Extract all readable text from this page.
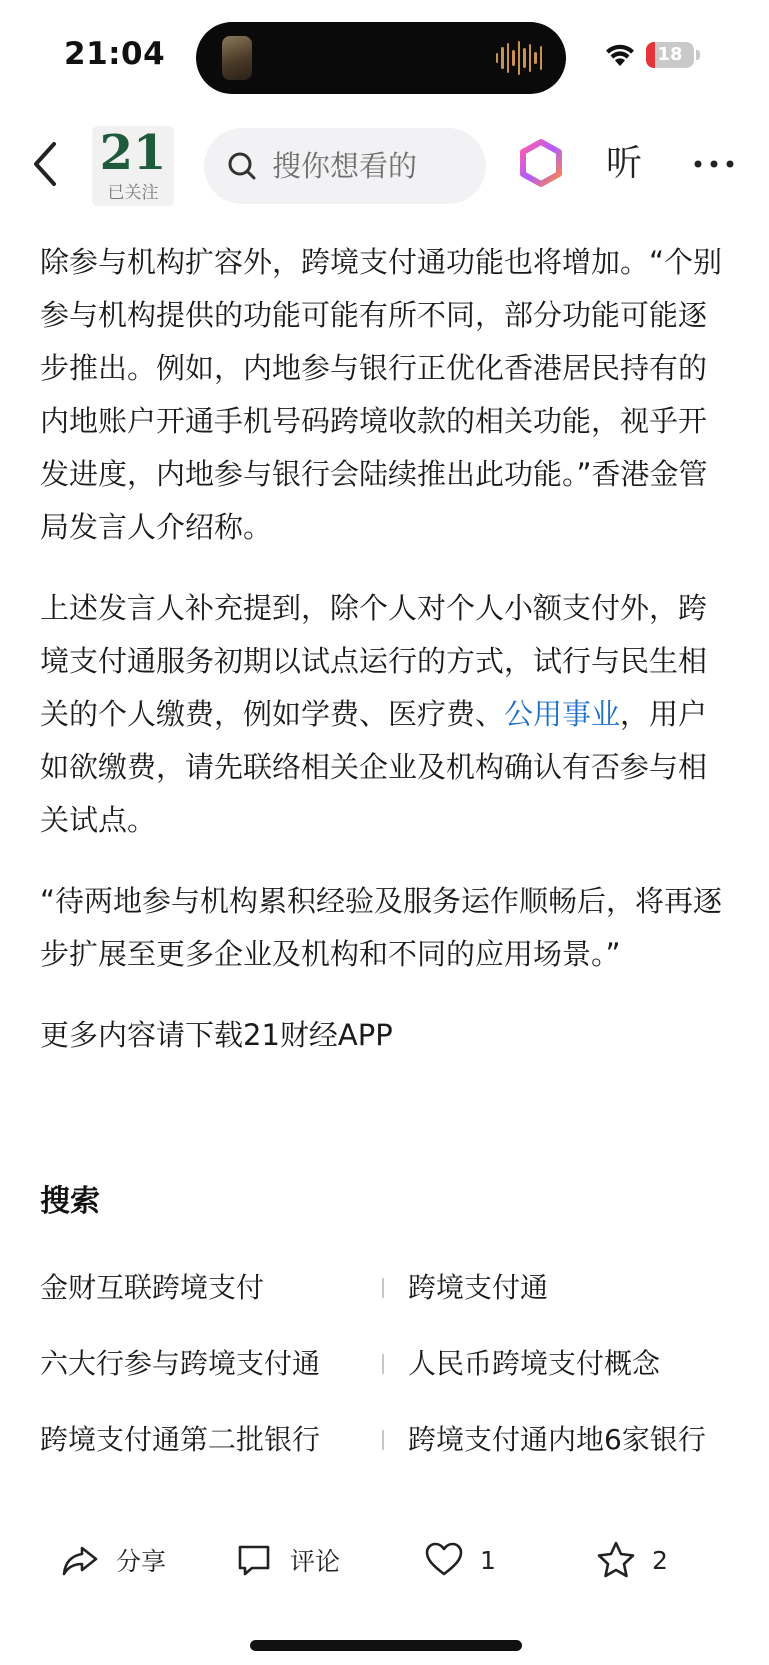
21:04	18
21
已关注
搜你想看的	听

除参与机构扩容外，跨境支付通功能也将增加。“个别参与机构提供的功能可能有所不同，部分功能可能逐步推出。例如，内地参与银行正优化香港居民持有的内地账户开通手机号码跨境收款的相关功能，视乎开发进度，内地参与银行会陆续推出此功能。”香港金管局发言人介绍称。

上述发言人补充提到，除个人对个人小额支付外，跨境支付通服务初期以试点运行的方式，试行与民生相关的个人缴费，例如学费、医疗费、公用事业，用户如欲缴费，请先联络相关企业及机构确认有否参与相关试点。

“待两地参与机构累积经验及服务运作顺畅后，将再逐步扩展至更多企业及机构和不同的应用场景。”

更多内容请下载21财经APP

搜索
金财互联跨境支付	跨境支付通
六大行参与跨境支付通	人民币跨境支付概念
跨境支付通第二批银行	跨境支付通内地6家银行
分享	评论	1	2
